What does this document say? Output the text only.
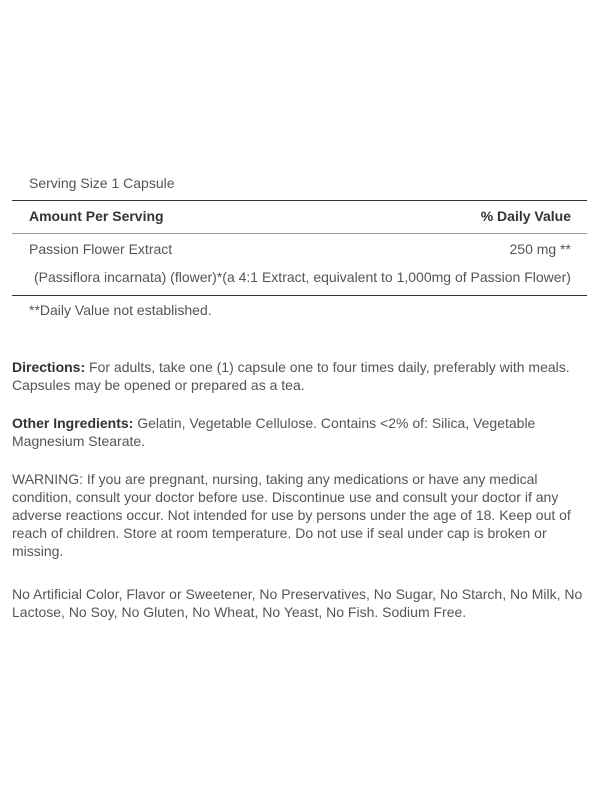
Serving Size 1 Capsule
Amount Per Serving	% Daily Value
Passion Flower Extract	250 mg **
(Passiflora incarnata) (flower)*(a 4:1 Extract, equivalent to 1,000mg of Passion Flower)
**Daily Value not established.
Directions: For adults, take one (1) capsule one to four times daily, preferably with meals. Capsules may be opened or prepared as a tea.
Other Ingredients: Gelatin, Vegetable Cellulose. Contains <2% of: Silica, Vegetable Magnesium Stearate.
WARNING: If you are pregnant, nursing, taking any medications or have any medical condition, consult your doctor before use. Discontinue use and consult your doctor if any adverse reactions occur. Not intended for use by persons under the age of 18. Keep out of reach of children. Store at room temperature. Do not use if seal under cap is broken or missing.
No Artificial Color, Flavor or Sweetener, No Preservatives, No Sugar, No Starch, No Milk, No Lactose, No Soy, No Gluten, No Wheat, No Yeast, No Fish. Sodium Free.
